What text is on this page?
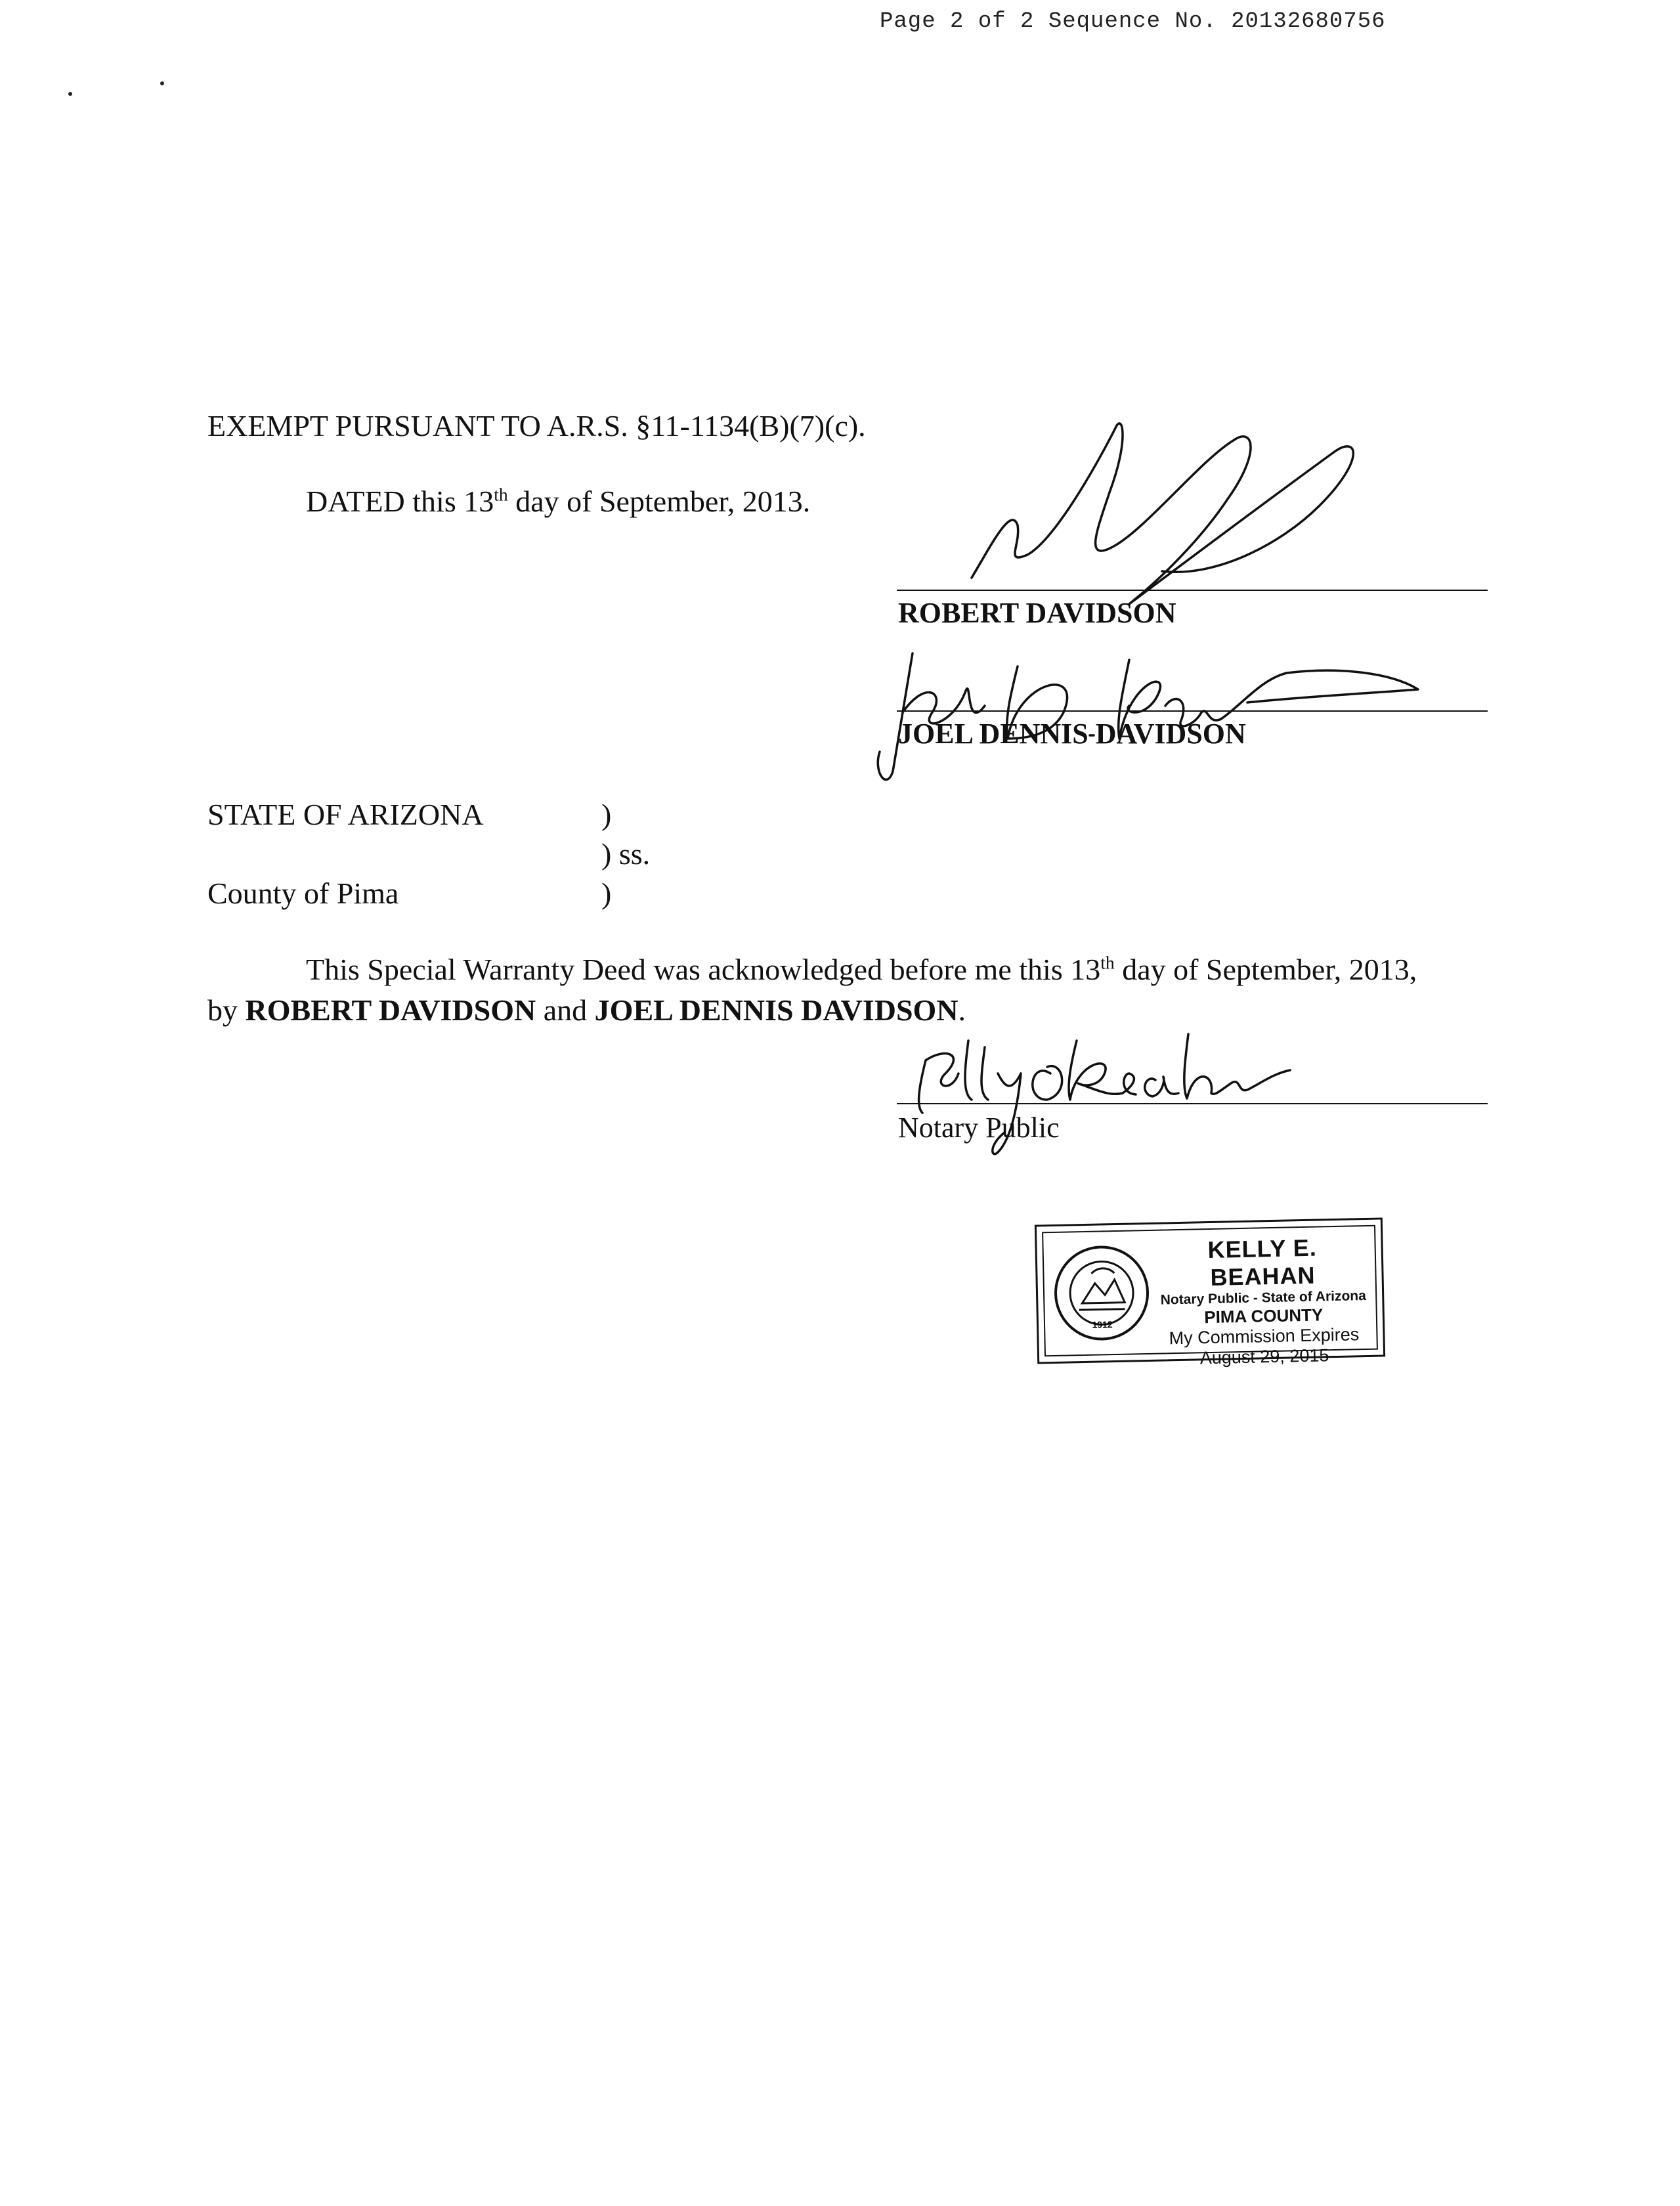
Page 2 of 2 Sequence No. 20132680756
EXEMPT PURSUANT TO A.R.S. §11-1134(B)(7)(c).
DATED this 13th day of September, 2013.
ROBERT DAVIDSON
JOEL DENNIS DAVIDSON
STATE OF ARIZONA	)
) ss.
County of Pima	)
This Special Warranty Deed was acknowledged before me this 13th day of September, 2013,
by ROBERT DAVIDSON and JOEL DENNIS DAVIDSON.
Notary Public
1912
KELLY E. BEAHAN
Notary Public - State of Arizona
PIMA COUNTY
My Commission Expires
August 29, 2015
